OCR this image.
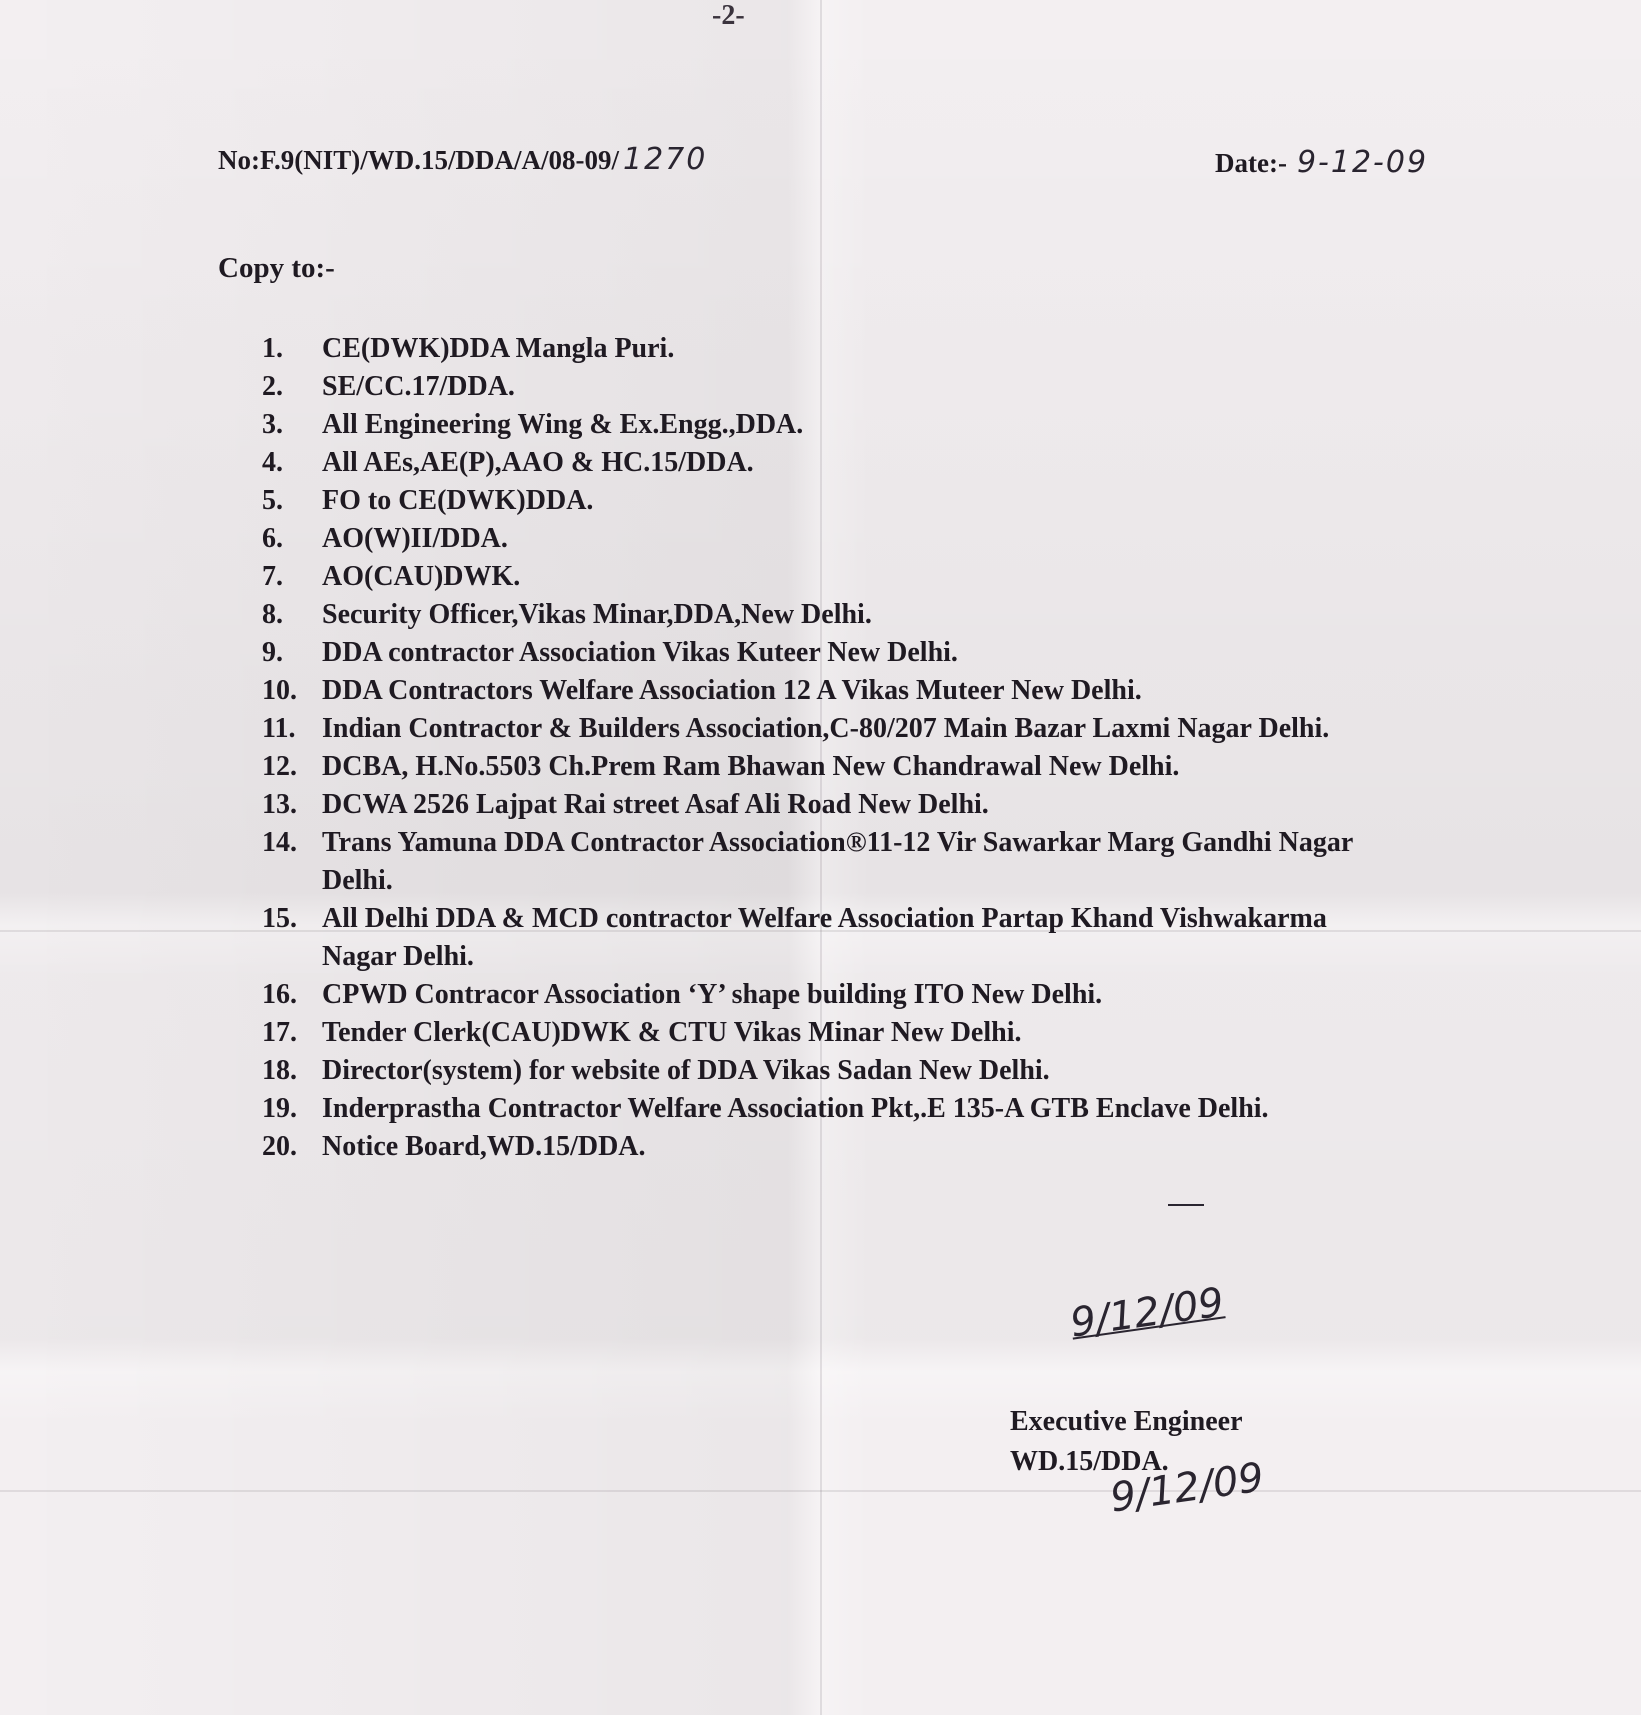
-2-
No:F.9(NIT)/WD.15/DDA/A/08-09/ 1270	Date:- 9-12-09
Copy to:-
1.	CE(DWK)DDA Mangla Puri.
2.	SE/CC.17/DDA.
3.	All Engineering Wing & Ex.Engg.,DDA.
4.	All AEs,AE(P),AAO & HC.15/DDA.
5.	FO to CE(DWK)DDA.
6.	AO(W)II/DDA.
7.	AO(CAU)DWK.
8.	Security Officer,Vikas Minar,DDA,New Delhi.
9.	DDA contractor Association Vikas Kuteer New Delhi.
10. DDA Contractors Welfare Association 12 A Vikas Muteer New Delhi.
11. Indian Contractor & Builders Association,C-80/207 Main Bazar Laxmi Nagar Delhi.
12. DCBA, H.No.5503 Ch.Prem Ram Bhawan New Chandrawal New Delhi.
13. DCWA 2526 Lajpat Rai street Asaf Ali Road New Delhi.
14. Trans Yamuna DDA Contractor Association®11-12 Vir Sawarkar Marg Gandhi Nagar Delhi.
15. All Delhi DDA & MCD contractor Welfare Association Partap Khand Vishwakarma Nagar Delhi.
16. CPWD Contracor Association ‘Y’ shape building ITO New Delhi.
17. Tender Clerk(CAU)DWK & CTU Vikas Minar New Delhi.
18. Director(system) for website of DDA Vikas Sadan New Delhi.
19. Inderprastha Contractor Welfare Association Pkt,.E 135-A GTB Enclave Delhi.
20. Notice Board,WD.15/DDA.
9/12/09
Executive Engineer
WD.15/DDA.
9/12/09
